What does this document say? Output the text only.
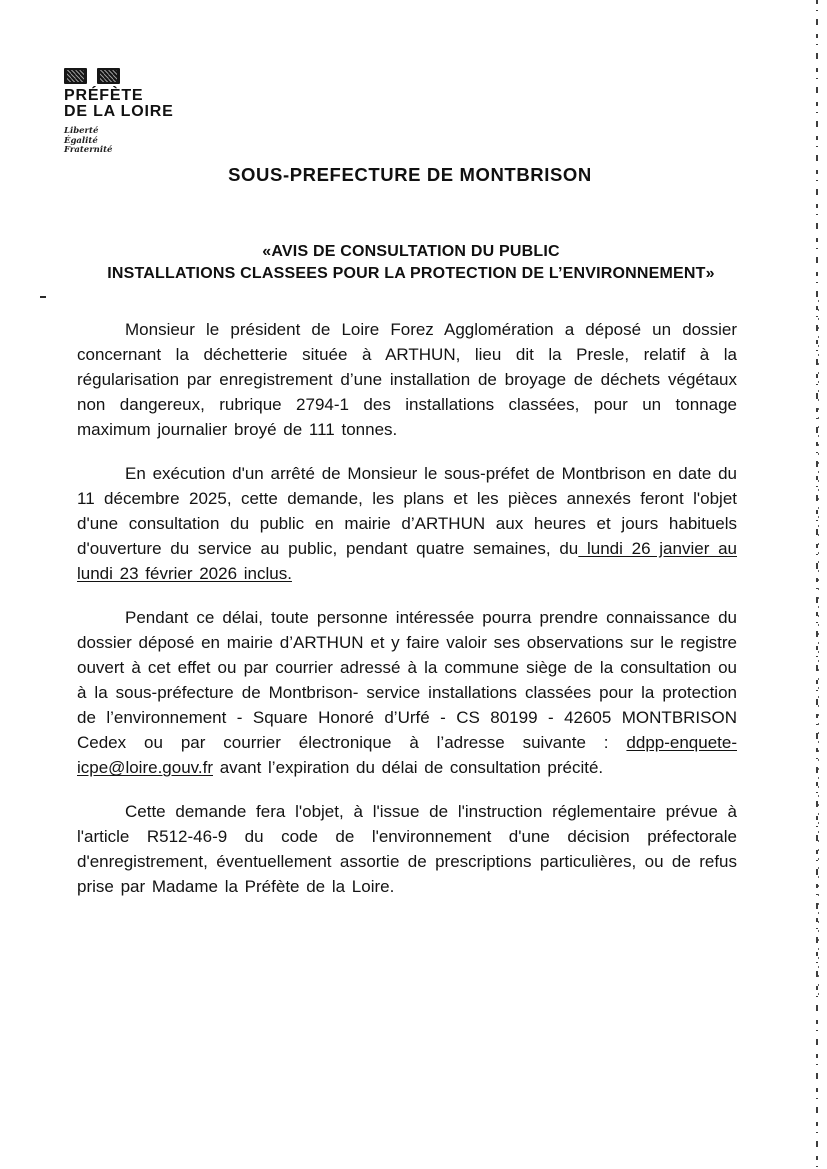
PRÉFÈTE
DE LA LOIRE
Liberté
Égalité
Fraternité
SOUS-PREFECTURE DE MONTBRISON
«AVIS DE CONSULTATION DU PUBLIC
INSTALLATIONS CLASSEES POUR LA PROTECTION DE L’ENVIRONNEMENT»

Monsieur le président de Loire Forez Agglomération a déposé un dossier concernant la déchetterie située à ARTHUN, lieu dit la Presle, relatif à la régularisation par enregistrement d’une installation de broyage de déchets végétaux non dangereux, rubrique 2794-1 des installations classées, pour un tonnage maximum journalier broyé de 111 tonnes.

En exécution d'un arrêté de Monsieur le sous-préfet de Montbrison en date du 11 décembre 2025, cette demande, les plans et les pièces annexés feront l'objet d'une consultation du public en mairie d’ARTHUN aux heures et jours habituels d'ouverture du service au public, pendant quatre semaines, du lundi 26 janvier au lundi 23 février 2026 inclus.

Pendant ce délai, toute personne intéressée pourra prendre connaissance du dossier déposé en mairie d’ARTHUN et y faire valoir ses observations sur le registre ouvert à cet effet ou par courrier adressé à la commune siège de la consultation ou à la sous-préfecture de Montbrison- service installations classées pour la protection de l’environnement - Square Honoré d’Urfé - CS 80199 - 42605 MONTBRISON Cedex ou par courrier électronique à l’adresse suivante : ddpp-enquete-icpe@loire.gouv.fr avant l’expiration du délai de consultation précité.

Cette demande fera l'objet, à l'issue de l'instruction réglementaire prévue à l'article R512-46-9 du code de l'environnement d'une décision préfectorale d'enregistrement, éventuellement assortie de prescriptions particulières, ou de refus prise par Madame la Préfète de la Loire.
